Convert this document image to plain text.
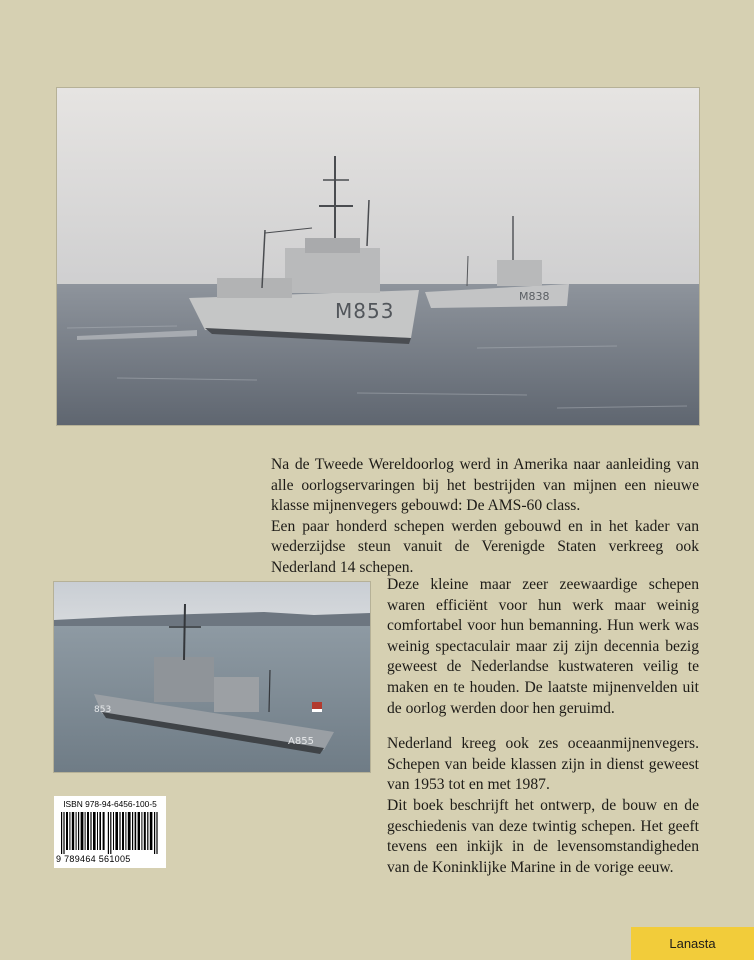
M853
M838

Na de Tweede Wereldoorlog werd in Amerika naar aanleiding van alle oorlogservaringen bij het bestrijden van mijnen een nieuwe klasse mijnenvegers gebouwd: De AMS-60 class.

Een paar honderd schepen werden gebouwd en in het kader van wederzijdse steun vanuit de Verenigde Staten verkreeg ook Nederland 14 schepen.

853
A855

Deze kleine maar zeer zeewaardige schepen waren efficiënt voor hun werk maar weinig comfortabel voor hun bemanning. Hun werk was weinig spectaculair maar zij zijn decennia bezig geweest de Nederlandse kustwateren veilig te maken en te houden. De laatste mijnenvelden uit de oorlog werden door hen geruimd.

Nederland kreeg ook zes oceaanmijnenvegers. Schepen van beide klassen zijn in dienst geweest van 1953 tot en met 1987.

Dit boek beschrijft het ontwerp, de bouw en de geschiedenis van deze twintig schepen. Het geeft tevens een inkijk in de levensomstandigheden van de Koninklijke Marine in de vorige eeuw.

ISBN 978-94-6456-100-5
9 789464 561005
Lanasta
